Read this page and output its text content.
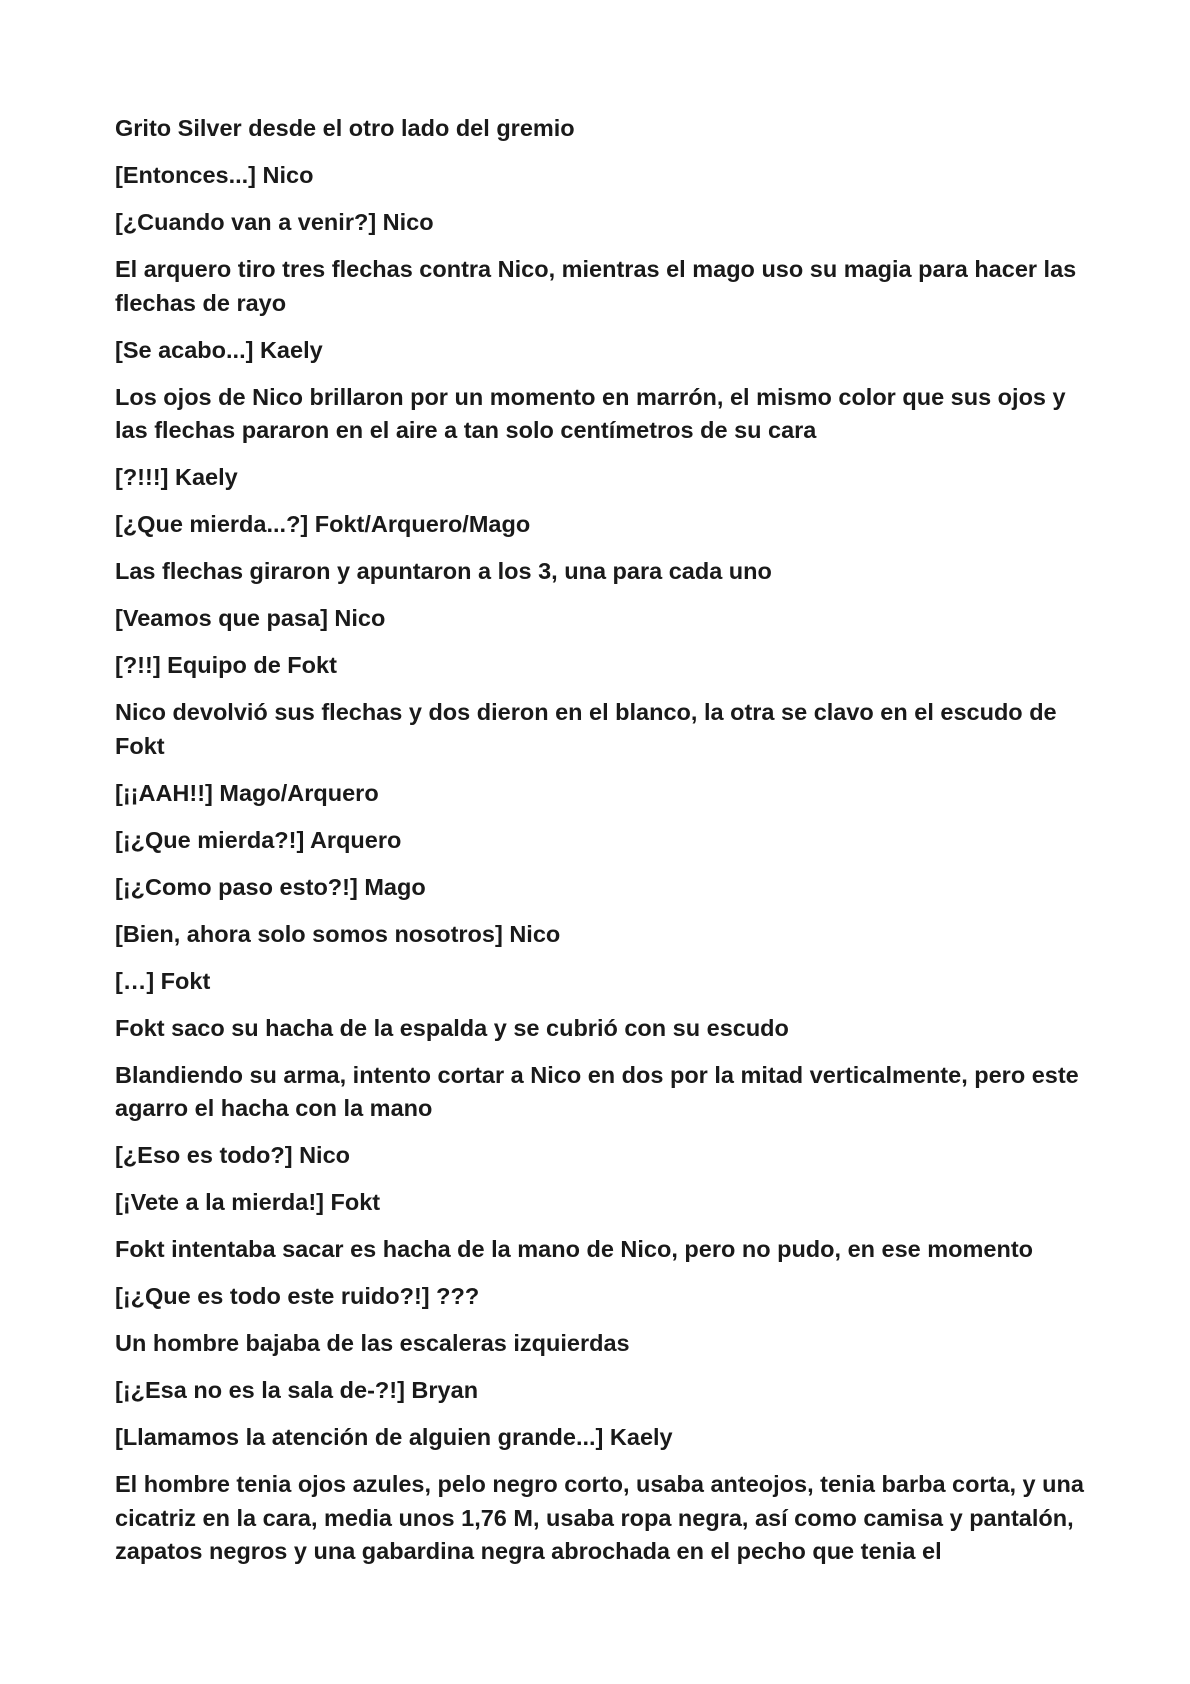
Grito Silver desde el otro lado del gremio

[Entonces...] Nico

[¿Cuando van a venir?] Nico

El arquero tiro tres flechas contra Nico, mientras el mago uso su magia para hacer las flechas de rayo

[Se acabo...] Kaely

Los ojos de Nico brillaron por un momento en marrón, el mismo color que sus ojos y las flechas pararon en el aire a tan solo centímetros de su cara

[?!!!] Kaely

[¿Que mierda...?] Fokt/Arquero/Mago

Las flechas giraron y apuntaron a los 3, una para cada uno

[Veamos que pasa] Nico

[?!!] Equipo de Fokt

Nico devolvió sus flechas y dos dieron en el blanco, la otra se clavo en el escudo de Fokt

[¡¡AAH!!] Mago/Arquero

[¡¿Que mierda?!] Arquero

[¡¿Como paso esto?!] Mago

[Bien, ahora solo somos nosotros] Nico

[…] Fokt

Fokt saco su hacha de la espalda y se cubrió con su escudo

Blandiendo su arma, intento cortar a Nico en dos por la mitad verticalmente, pero este agarro el hacha con la mano

[¿Eso es todo?] Nico

[¡Vete a la mierda!] Fokt

Fokt intentaba sacar es hacha de la mano de Nico, pero no pudo, en ese momento

[¡¿Que es todo este ruido?!] ???

Un hombre bajaba de las escaleras izquierdas

[¡¿Esa no es la sala de-?!] Bryan

[Llamamos la atención de alguien grande...] Kaely

El hombre tenia ojos azules, pelo negro corto, usaba anteojos, tenia barba corta, y una cicatriz en la cara, media unos 1,76 M, usaba ropa negra, así como camisa y pantalón, zapatos negros y una gabardina negra abrochada en el pecho que tenia el
